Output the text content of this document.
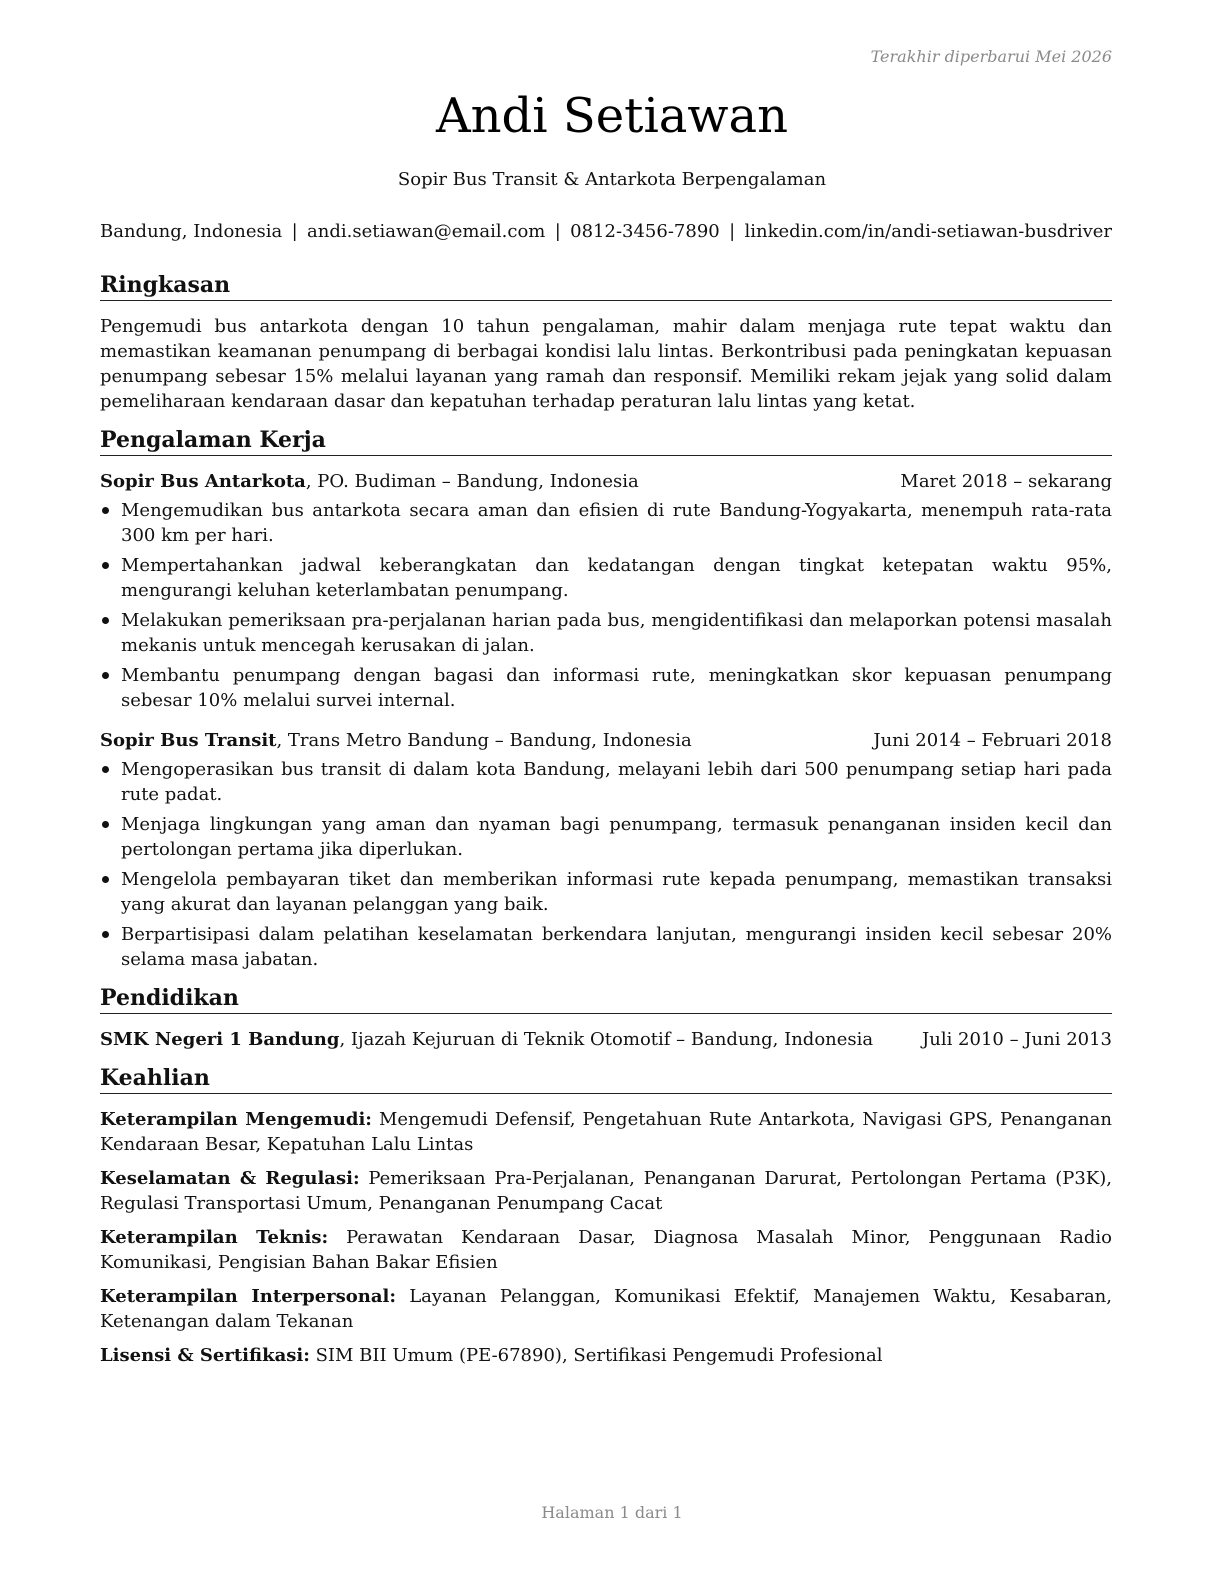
Terakhir diperbarui Mei 2026
Andi Setiawan
Sopir Bus Transit & Antarkota Berpengalaman
Bandung, Indonesia | andi.setiawan@email.com | 0812-3456-7890 | linkedin.com/in/andi-setiawan-busdriver
Ringkasan

Pengemudi bus antarkota dengan 10 tahun pengalaman, mahir dalam menjaga rute tepat waktu dan memastikan keamanan penumpang di berbagai kondisi lalu lintas. Berkontribusi pada peningkatan kepuasan penumpang sebesar 15% melalui layanan yang ramah dan responsif. Memiliki rekam jejak yang solid dalam pemeliharaan kendaraan dasar dan kepatuhan terhadap peraturan lalu lintas yang ketat.

Pengalaman Kerja
Sopir Bus Antarkota, PO. Budiman – Bandung, Indonesia	Maret 2018 – sekarang
Mengemudikan bus antarkota secara aman dan efisien di rute Bandung-Yogyakarta, menempuh rata-rata 300 km per hari.
Mempertahankan jadwal keberangkatan dan kedatangan dengan tingkat ketepatan waktu 95%, mengurangi keluhan keterlambatan penumpang.
Melakukan pemeriksaan pra-perjalanan harian pada bus, mengidentifikasi dan melaporkan potensi masalah mekanis untuk mencegah kerusakan di jalan.
Membantu penumpang dengan bagasi dan informasi rute, meningkatkan skor kepuasan penumpang sebesar 10% melalui survei internal.
Sopir Bus Transit, Trans Metro Bandung – Bandung, Indonesia	Juni 2014 – Februari 2018
Mengoperasikan bus transit di dalam kota Bandung, melayani lebih dari 500 penumpang setiap hari pada rute padat.
Menjaga lingkungan yang aman dan nyaman bagi penumpang, termasuk penanganan insiden kecil dan pertolongan pertama jika diperlukan.
Mengelola pembayaran tiket dan memberikan informasi rute kepada penumpang, memastikan transaksi yang akurat dan layanan pelanggan yang baik.
Berpartisipasi dalam pelatihan keselamatan berkendara lanjutan, mengurangi insiden kecil sebesar 20% selama masa jabatan.
Pendidikan
SMK Negeri 1 Bandung, Ijazah Kejuruan di Teknik Otomotif – Bandung, Indonesia	Juli 2010 – Juni 2013
Keahlian
Keterampilan Mengemudi: Mengemudi Defensif, Pengetahuan Rute Antarkota, Navigasi GPS, Penanganan Kendaraan Besar, Kepatuhan Lalu Lintas
Keselamatan & Regulasi: Pemeriksaan Pra-Perjalanan, Penanganan Darurat, Pertolongan Pertama (P3K), Regulasi Transportasi Umum, Penanganan Penumpang Cacat
Keterampilan Teknis: Perawatan Kendaraan Dasar, Diagnosa Masalah Minor, Penggunaan Radio Komunikasi, Pengisian Bahan Bakar Efisien
Keterampilan Interpersonal: Layanan Pelanggan, Komunikasi Efektif, Manajemen Waktu, Kesabaran, Ketenangan dalam Tekanan
Lisensi & Sertifikasi: SIM BII Umum (PE-67890), Sertifikasi Pengemudi Profesional
Halaman 1 dari 1
